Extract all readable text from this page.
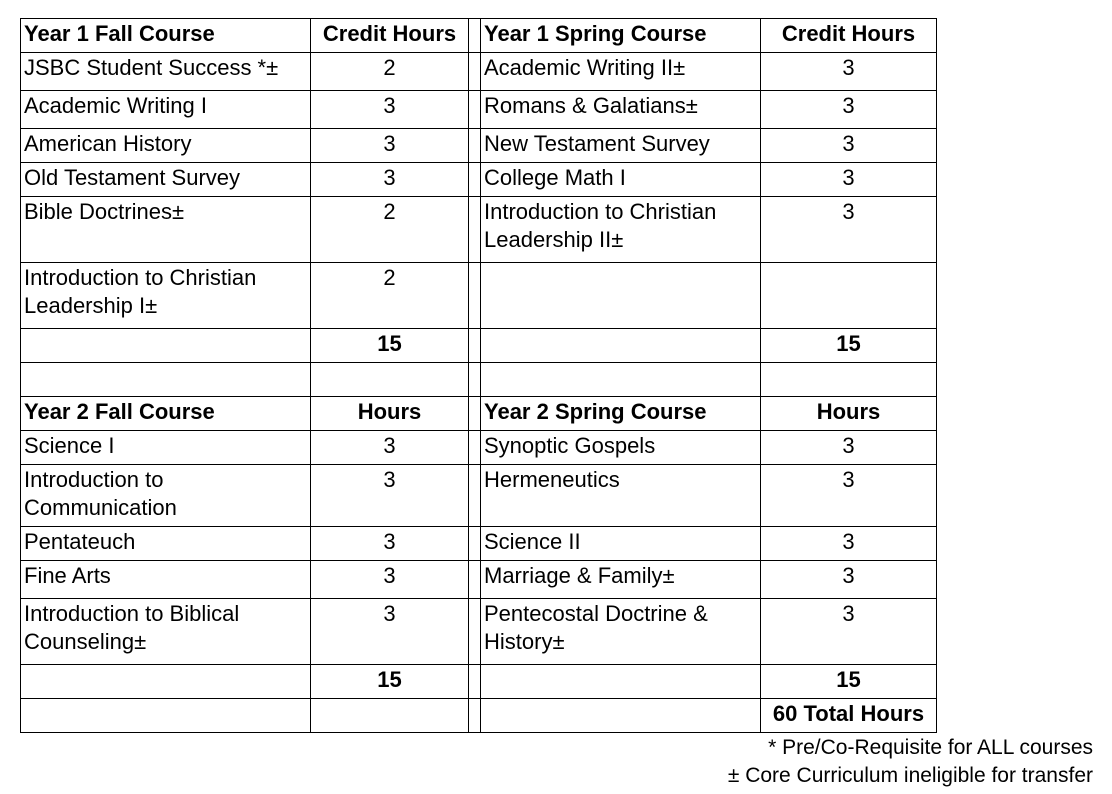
Year 1 Fall Course	Credit Hours		Year 1 Spring Course	Credit Hours
JSBC Student Success *±	2		Academic Writing II±	3
Academic Writing I	3		Romans & Galatians±	3
American History	3		New Testament Survey	3
Old Testament Survey	3		College Math I	3
Bible Doctrines±	2		Introduction to Christian Leadership II±	3
Introduction to Christian Leadership I±	2			
	15			15

Year 2 Fall Course	Hours		Year 2 Spring Course	Hours
Science I	3		Synoptic Gospels	3
Introduction to Communication	3		Hermeneutics	3
Pentateuch	3		Science II	3
Fine Arts	3		Marriage & Family±	3
Introduction to Biblical Counseling±	3		Pentecostal Doctrine & History±	3
	15			15
				60 Total Hours
* Pre/Co-Requisite for ALL courses
± Core Curriculum ineligible for transfer
